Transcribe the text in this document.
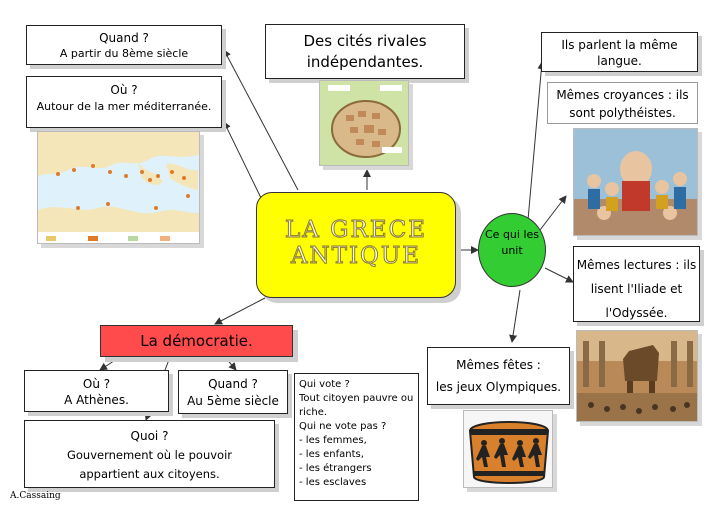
Quand ?
A partir du 8ème siècle
Où ?
Autour de la mer méditerranée.
Des cités rivales
indépendantes.
LA GRECE
ANTIQUE
Ce qui les unit
La démocratie.
Où ?
A Athènes.
Quand ?
Au 5ème siècle
Quoi ?
Gouvernement où le pouvoir
appartient aux citoyens.
Qui vote ?
Tout citoyen pauvre ou
riche.
Qui ne vote pas ?
- les femmes,
- les enfants,
- les étrangers
- les esclaves
Ils parlent la même
langue.
Mêmes croyances : ils
sont polythéistes.
Mêmes lectures : ils
lisent l'Iliade et
l'Odyssée.
Mêmes fêtes :
les jeux Olympiques.
A.Cassaing
